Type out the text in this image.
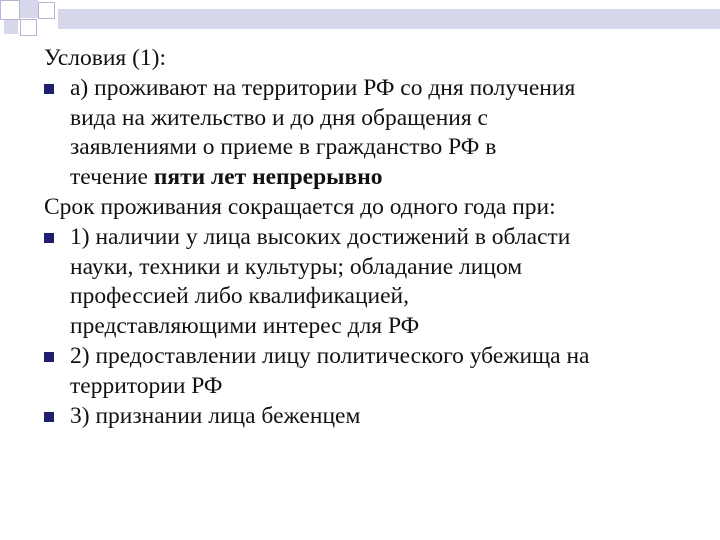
Условия (1):
а) проживают на территории РФ со дня получения
вида на жительство и до дня обращения с
заявлениями о приеме в гражданство РФ в
течение пяти лет непрерывно
Срок проживания сокращается до одного года при:
1) наличии у лица высоких достижений в области
науки, техники и культуры; обладание лицом
профессией либо квалификацией,
представляющими интерес для РФ
2) предоставлении лицу политического убежища на
территории РФ
3) признании лица беженцем
